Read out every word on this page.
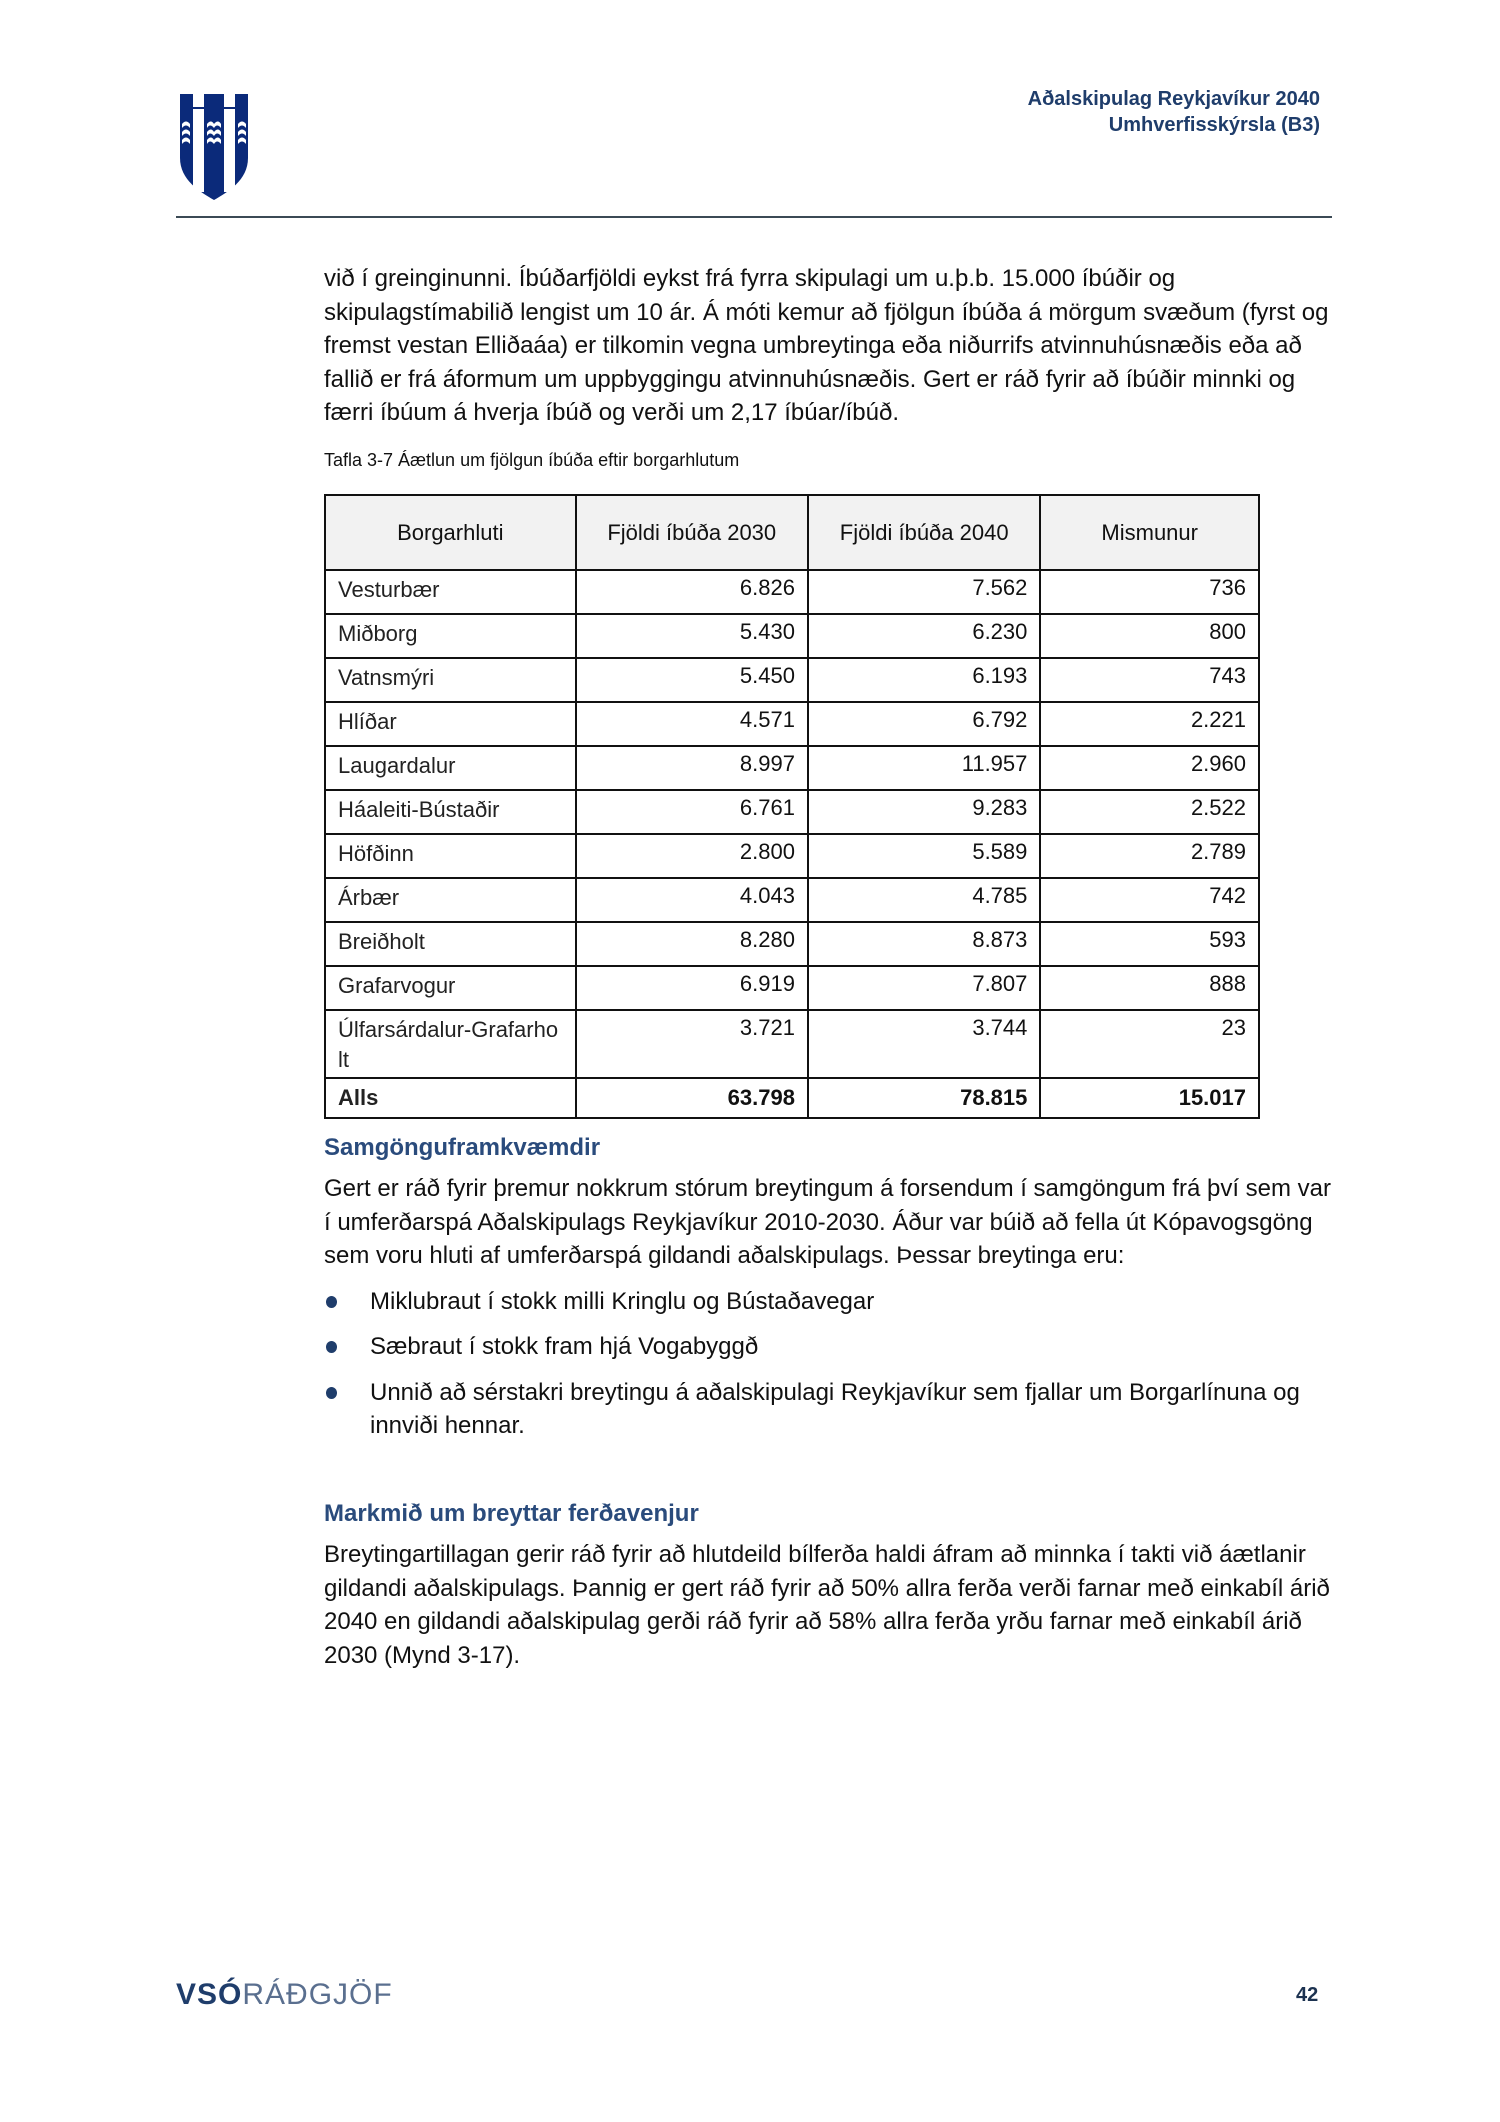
Aðalskipulag Reykjavíkur 2040
Umhverfisskýrsla (B3)

við í greinginunni. Íbúðarfjöldi eykst frá fyrra skipulagi um u.þ.b. 15.000 íbúðir og skipulagstímabilið lengist um 10 ár. Á móti kemur að fjölgun íbúða á mörgum svæðum (fyrst og fremst vestan Elliðaáa) er tilkomin vegna umbreytinga eða niðurrifs atvinnuhúsnæðis eða að fallið er frá áformum um uppbyggingu atvinnuhúsnæðis. Gert er ráð fyrir að íbúðir minnki og færri íbúum á hverja íbúð og verði um 2,17 íbúar/íbúð.

Tafla 3-7 Áætlun um fjölgun íbúða eftir borgarhlutum

Borgarhluti	Fjöldi íbúða 2030	Fjöldi íbúða 2040	Mismunur
Vesturbær	6.826	7.562	736
Miðborg	5.430	6.230	800
Vatnsmýri	5.450	6.193	743
Hlíðar	4.571	6.792	2.221
Laugardalur	8.997	11.957	2.960
Háaleiti-Bústaðir	6.761	9.283	2.522
Höfðinn	2.800	5.589	2.789
Árbær	4.043	4.785	742
Breiðholt	8.280	8.873	593
Grafarvogur	6.919	7.807	888
Úlfarsárdalur-Grafarholt	3.721	3.744	23
Alls	63.798	78.815	15.017
Samgönguframkvæmdir

Gert er ráð fyrir þremur nokkrum stórum breytingum á forsendum í samgöngum frá því sem var í umferðarspá Aðalskipulags Reykjavíkur 2010-2030. Áður var búið að fella út Kópavogsgöng sem voru hluti af umferðarspá gildandi aðalskipulags. Þessar breytinga eru:

Miklubraut í stokk milli Kringlu og Bústaðavegar
Sæbraut í stokk fram hjá Vogabyggð
Unnið að sérstakri breytingu á aðalskipulagi Reykjavíkur sem fjallar um Borgarlínuna og innviði hennar.
Markmið um breyttar ferðavenjur

Breytingartillagan gerir ráð fyrir að hlutdeild bílferða haldi áfram að minnka í takti við áætlanir gildandi aðalskipulags. Þannig er gert ráð fyrir að 50% allra ferða verði farnar með einkabíl árið 2040 en gildandi aðalskipulag gerði ráð fyrir að 58% allra ferða yrðu farnar með einkabíl árið 2030 (Mynd 3-17).

VSÓRÁÐGJÖF	42
